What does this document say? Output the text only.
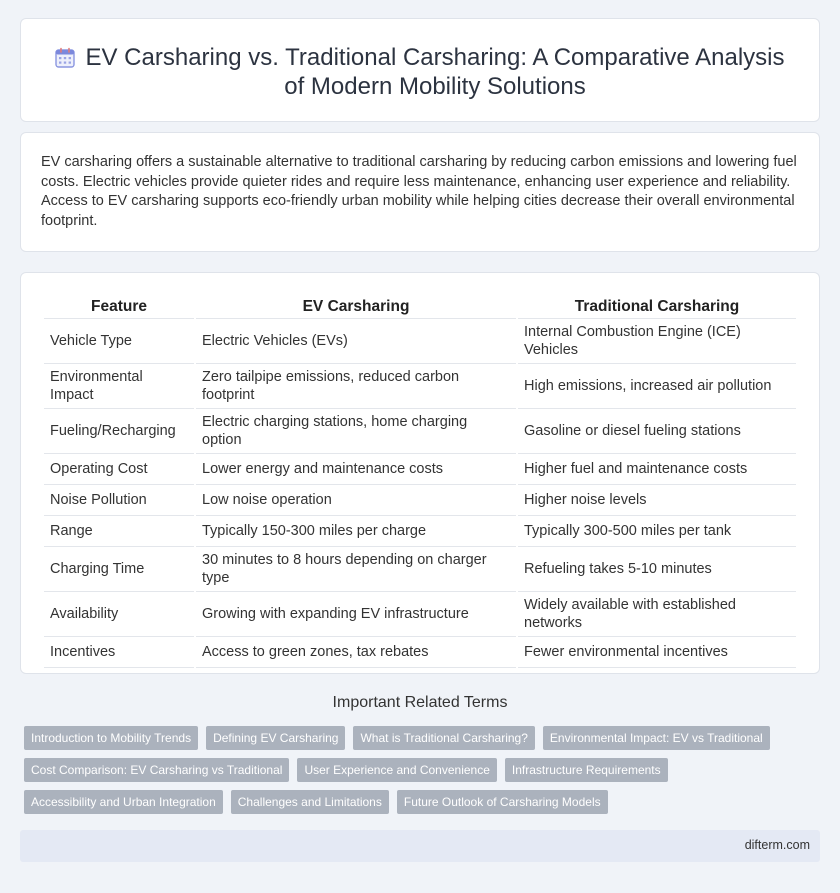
EV Carsharing vs. Traditional Carsharing: A Comparative Analysis of Modern Mobility Solutions

EV carsharing offers a sustainable alternative to traditional carsharing by reducing carbon emissions and lowering fuel costs. Electric vehicles provide quieter rides and require less maintenance, enhancing user experience and reliability. Access to EV carsharing supports eco-friendly urban mobility while helping cities decrease their overall environmental footprint.

Feature	EV Carsharing	Traditional Carsharing
Vehicle Type	Electric Vehicles (EVs)	Internal Combustion Engine (ICE) Vehicles
Environmental Impact	Zero tailpipe emissions, reduced carbon footprint	High emissions, increased air pollution
Fueling/Recharging	Electric charging stations, home charging option	Gasoline or diesel fueling stations
Operating Cost	Lower energy and maintenance costs	Higher fuel and maintenance costs
Noise Pollution	Low noise operation	Higher noise levels
Range	Typically 150-300 miles per charge	Typically 300-500 miles per tank
Charging Time	30 minutes to 8 hours depending on charger type	Refueling takes 5-10 minutes
Availability	Growing with expanding EV infrastructure	Widely available with established networks
Incentives	Access to green zones, tax rebates	Fewer environmental incentives
Important Related Terms
Introduction to Mobility Trends	Defining EV Carsharing	What is Traditional Carsharing?	Environmental Impact: EV vs Traditional
Cost Comparison: EV Carsharing vs Traditional	User Experience and Convenience	Infrastructure Requirements
Accessibility and Urban Integration	Challenges and Limitations	Future Outlook of Carsharing Models
difterm.com
